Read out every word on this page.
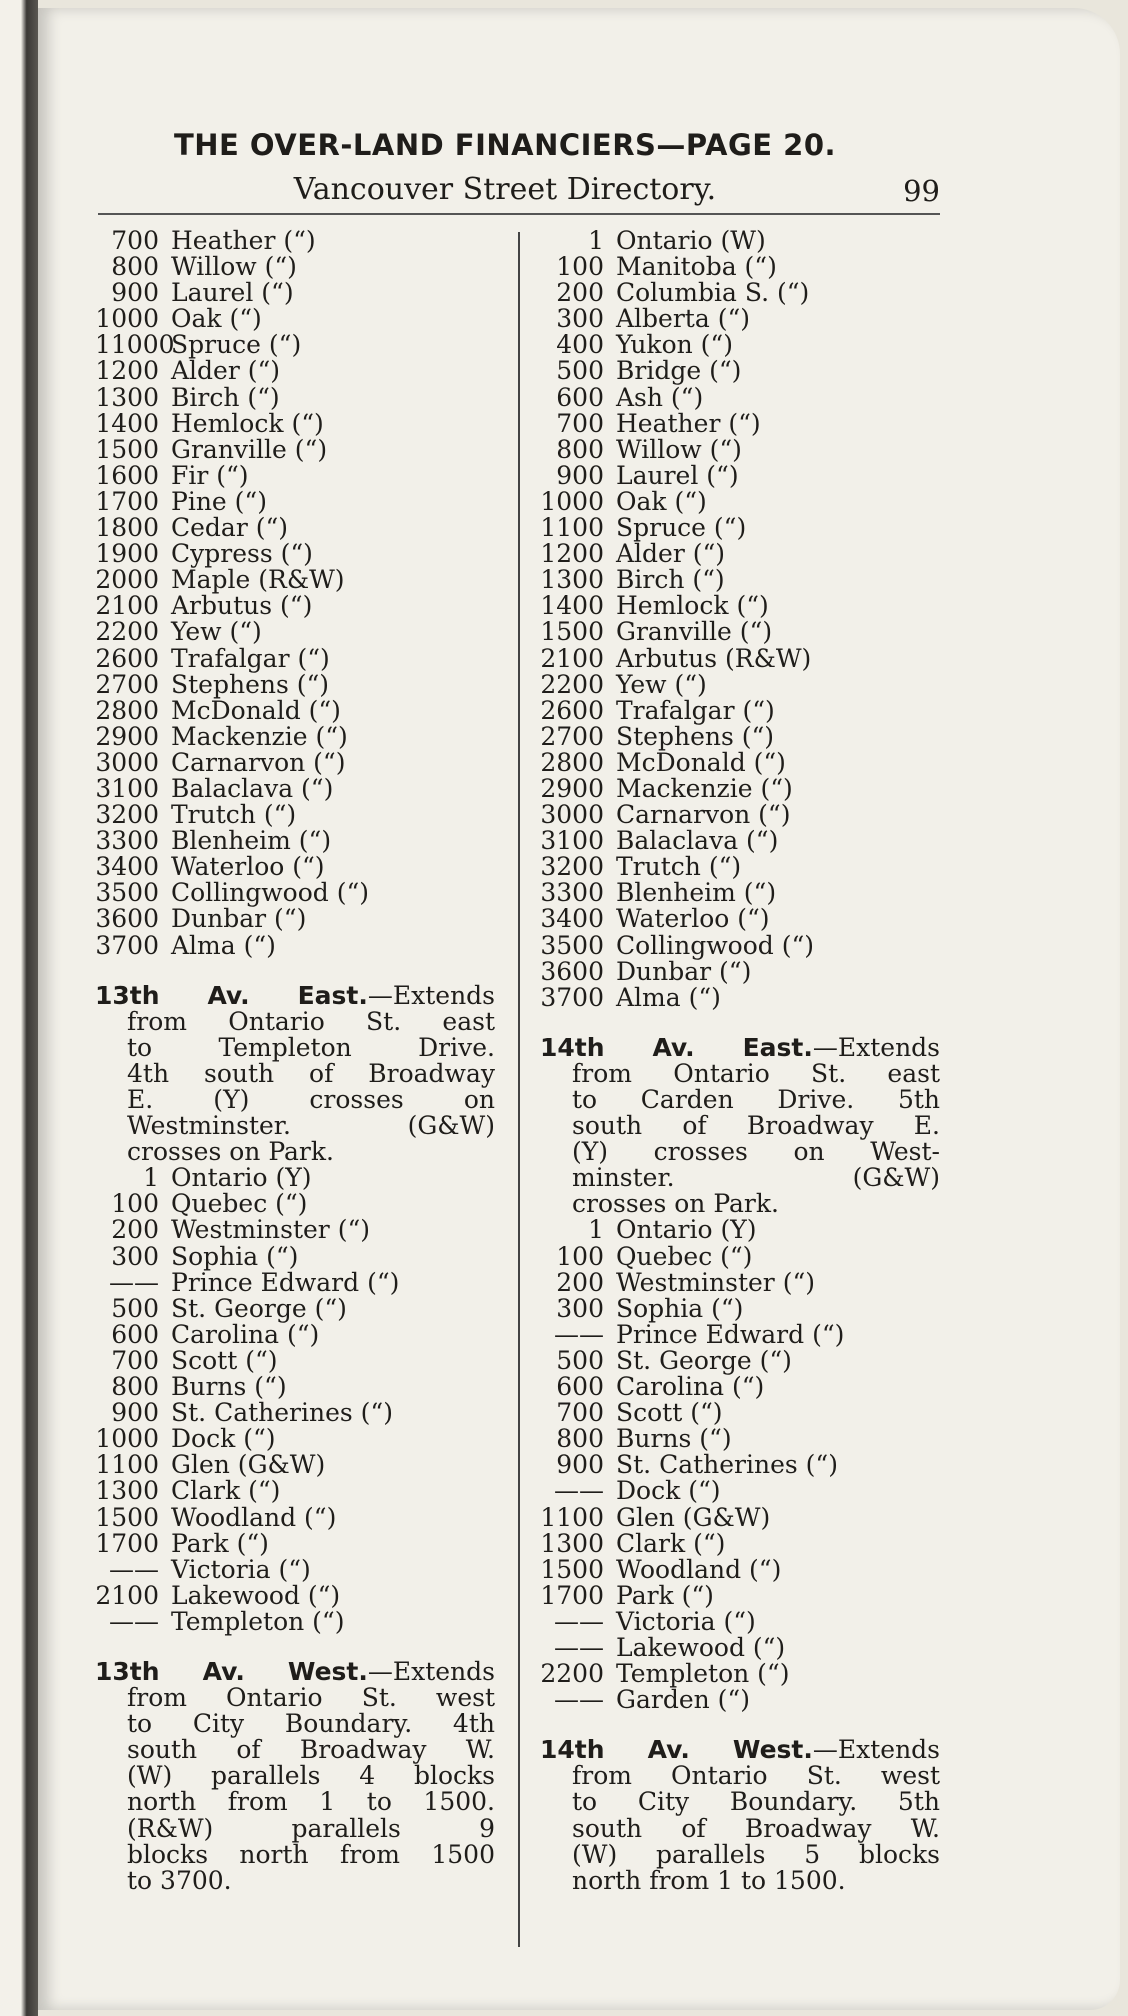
THE OVER-LAND FINANCIERS—PAGE 20.
Vancouver Street Directory.	99
700 Heather (“)
800 Willow (“)
900 Laurel (“)
1000 Oak (“)
11000Spruce (“)
1200 Alder (“)
1300 Birch (“)
1400 Hemlock (“)
1500 Granville (“)
1600 Fir (“)
1700 Pine (“)
1800 Cedar (“)
1900 Cypress (“)
2000 Maple (R&W)
2100 Arbutus (“)
2200 Yew (“)
2600 Trafalgar (“)
2700 Stephens (“)
2800 McDonald (“)
2900 Mackenzie (“)
3000 Carnarvon (“)
3100 Balaclava (“)
3200 Trutch (“)
3300 Blenheim (“)
3400 Waterloo (“)
3500 Collingwood (“)
3600 Dunbar (“)
3700 Alma (“)
13th Av. East.—Extends
from Ontario St. east
to Templeton Drive.
4th south of Broadway
E. (Y) crosses on
Westminster. (G&W)
crosses on Park.
1 Ontario (Y)
100 Quebec (“)
200 Westminster (“)
300 Sophia (“)
—— Prince Edward (“)
500 St. George (“)
600 Carolina (“)
700 Scott (“)
800 Burns (“)
900 St. Catherines (“)
1000 Dock (“)
1100 Glen (G&W)
1300 Clark (“)
1500 Woodland (“)
1700 Park (“)
—— Victoria (“)
2100 Lakewood (“)
—— Templeton (“)
13th Av. West.—Extends
from Ontario St. west
to City Boundary. 4th
south of Broadway W.
(W) parallels 4 blocks
north from 1 to 1500.
(R&W) parallels 9
blocks north from 1500
to 3700.
1 Ontario (W)
100 Manitoba (“)
200 Columbia S. (“)
300 Alberta (“)
400 Yukon (“)
500 Bridge (“)
600 Ash (“)
700 Heather (“)
800 Willow (“)
900 Laurel (“)
1000 Oak (“)
1100 Spruce (“)
1200 Alder (“)
1300 Birch (“)
1400 Hemlock (“)
1500 Granville (“)
2100 Arbutus (R&W)
2200 Yew (“)
2600 Trafalgar (“)
2700 Stephens (“)
2800 McDonald (“)
2900 Mackenzie (“)
3000 Carnarvon (“)
3100 Balaclava (“)
3200 Trutch (“)
3300 Blenheim (“)
3400 Waterloo (“)
3500 Collingwood (“)
3600 Dunbar (“)
3700 Alma (“)
14th Av. East.—Extends
from Ontario St. east
to Carden Drive. 5th
south of Broadway E.
(Y) crosses on West-
minster. (G&W)
crosses on Park.
1 Ontario (Y)
100 Quebec (“)
200 Westminster (“)
300 Sophia (“)
—— Prince Edward (“)
500 St. George (“)
600 Carolina (“)
700 Scott (“)
800 Burns (“)
900 St. Catherines (“)
—— Dock (“)
1100 Glen (G&W)
1300 Clark (“)
1500 Woodland (“)
1700 Park (“)
—— Victoria (“)
—— Lakewood (“)
2200 Templeton (“)
—— Garden (“)
14th Av. West.—Extends
from Ontario St. west
to City Boundary. 5th
south of Broadway W.
(W) parallels 5 blocks
north from 1 to 1500.
